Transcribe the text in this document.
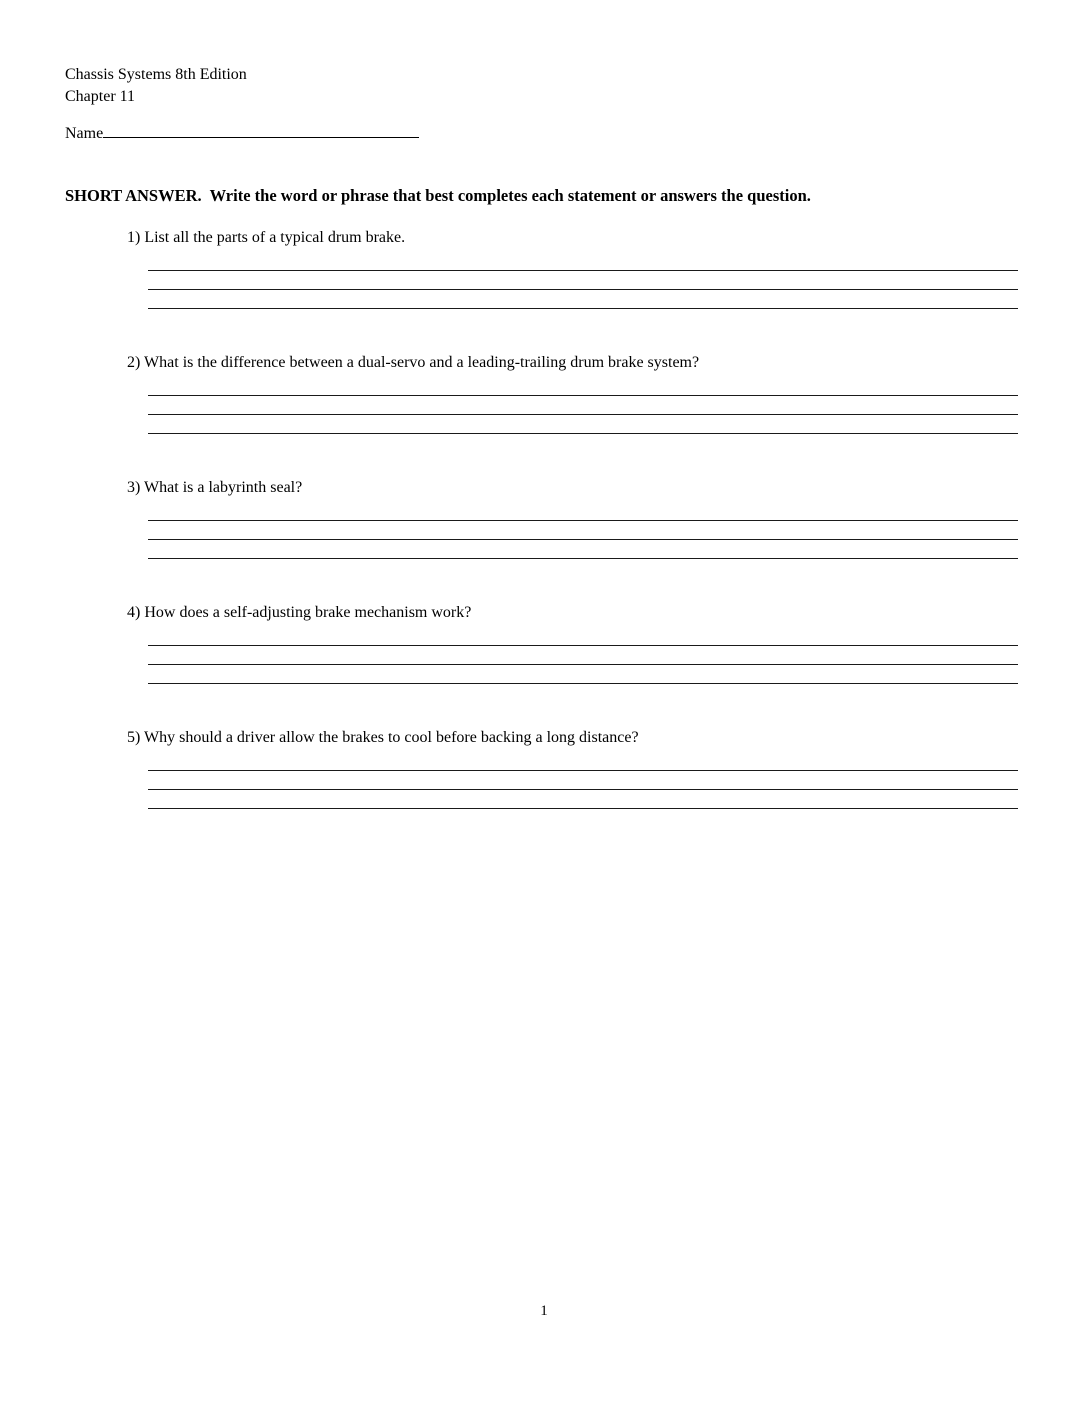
Chassis Systems 8th Edition
Chapter 11
Name
SHORT ANSWER.  Write the word or phrase that best completes each statement or answers the question.
1) List all the parts of a typical drum brake.
2) What is the difference between a dual-servo and a leading-trailing drum brake system?
3) What is a labyrinth seal?
4) How does a self-adjusting brake mechanism work?
5) Why should a driver allow the brakes to cool before backing a long distance?
1
